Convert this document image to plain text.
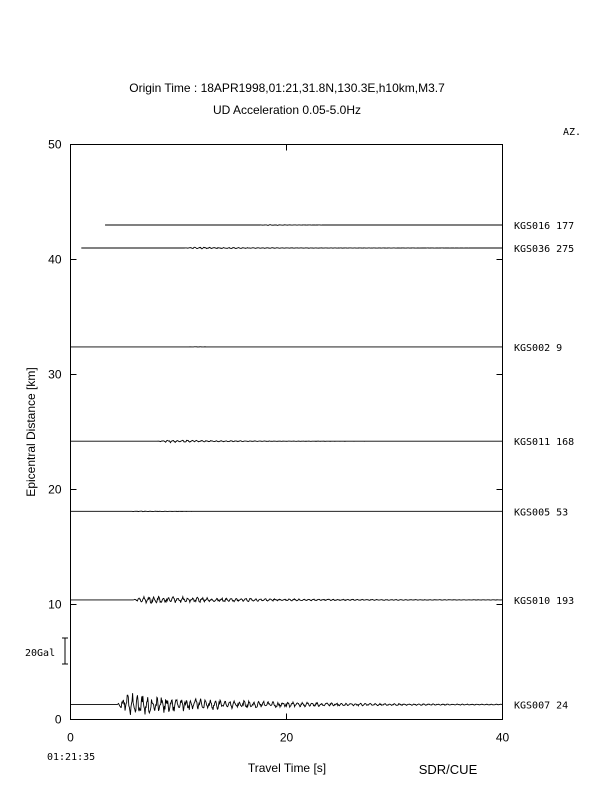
Origin Time : 18APR1998,01:21,31.8N,130.3E,h10km,M3.7
UD Acceleration 0.05-5.0Hz
AZ.
0	20	40
0
10
20
30
40
50
Travel Time [s]
Epicentral Distance [km]
01:21:35
20Gal
KGS016 177
KGS036 275
KGS002 9
KGS011 168
KGS005 53
KGS010 193
KGS007 24
SDR/CUE
